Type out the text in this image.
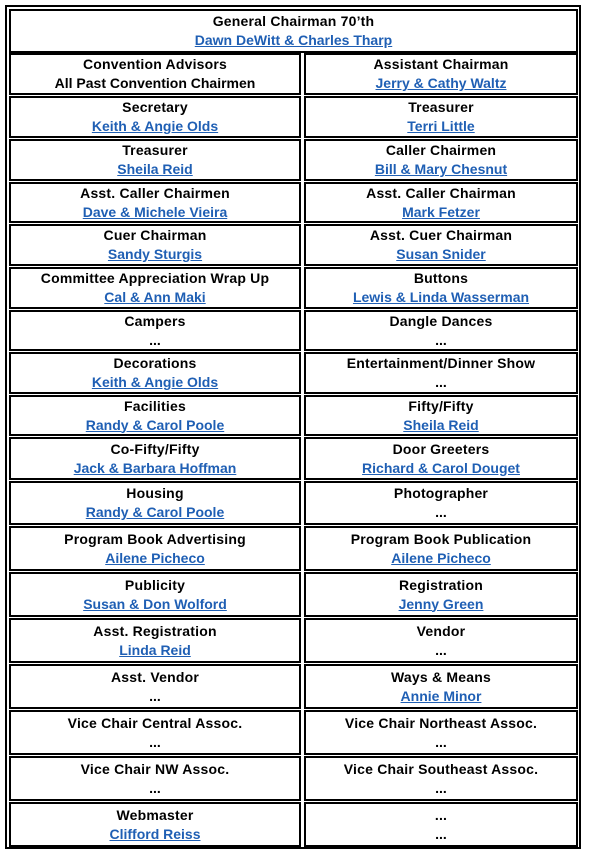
General Chairman 70’th
Dawn DeWitt & Charles Tharp
Convention Advisors
All Past Convention Chairmen
Assistant Chairman
Jerry & Cathy Waltz
Secretary
Keith & Angie Olds
Treasurer
Terri Little
Treasurer
Sheila Reid
Caller Chairmen
Bill & Mary Chesnut
Asst. Caller Chairmen
Dave & Michele Vieira
Asst. Caller Chairman
Mark Fetzer
Cuer Chairman
Sandy Sturgis
Asst. Cuer Chairman
Susan Snider
Committee Appreciation Wrap Up
Cal & Ann Maki
Buttons
Lewis & Linda Wasserman
Campers
...
Dangle Dances
...
Decorations
Keith & Angie Olds
Entertainment/Dinner Show
...
Facilities
Randy & Carol Poole
Fifty/Fifty
Sheila Reid
Co-Fifty/Fifty
Jack & Barbara Hoffman
Door Greeters
Richard & Carol Douget
Housing
Randy & Carol Poole
Photographer
...
Program Book Advertising
Ailene Picheco
Program Book Publication
Ailene Picheco
Publicity
Susan & Don Wolford
Registration
Jenny Green
Asst. Registration
Linda Reid
Vendor
...
Asst. Vendor
...
Ways & Means
Annie Minor
Vice Chair Central Assoc.
...
Vice Chair Northeast Assoc.
...
Vice Chair NW Assoc.
...
Vice Chair Southeast Assoc.
...
Webmaster
Clifford Reiss
...
...
